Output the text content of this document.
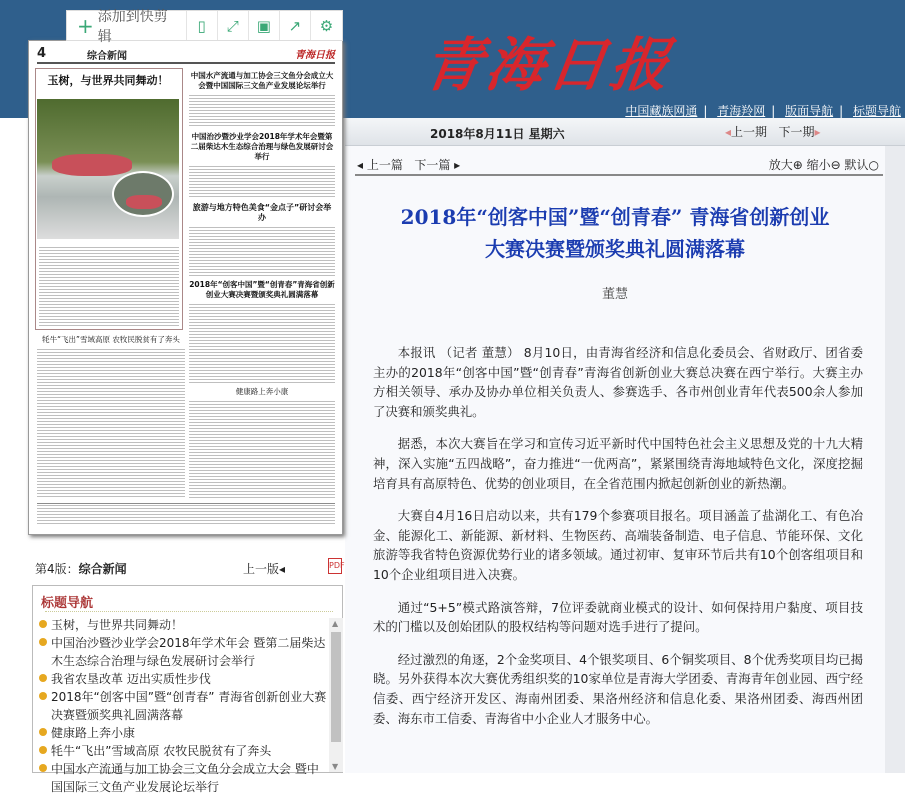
青海日报
中国藏族网通 | 青海羚网 | 版面导航 | 标题导航
2018年8月11日 星期六	◂上一期 下一期▸
◂ 上一篇 下一篇 ▸	放大⊕ 缩小⊖ 默认○
2018年“创客中国”暨“创青春” 青海省创新创业
大赛决赛暨颁奖典礼圆满落幕
董慧

本报讯 （记者 董慧） 8月10日，由青海省经济和信息化委员会、省财政厅、团省委主办的2018年“创客中国”暨“创青春”青海省创新创业大赛总决赛在西宁举行。大赛主办方相关领导、承办及协办单位相关负责人、参赛选手、各市州创业青年代表500余人参加了决赛和颁奖典礼。

据悉，本次大赛旨在学习和宣传习近平新时代中国特色社会主义思想及党的十九大精神，深入实施“五四战略”，奋力推进“一优两高”，紧紧围绕青海地域特色文化，深度挖掘培育具有高原特色、优势的创业项目，在全省范围内掀起创新创业的新热潮。

大赛自4月16日启动以来，共有179个参赛项目报名。项目涵盖了盐湖化工、有色冶金、能源化工、新能源、新材料、生物医药、高端装备制造、电子信息、节能环保、文化旅游等我省特色资源优势行业的诸多领域。通过初审、复审环节后共有10个创客组项目和10个企业组项目进入决赛。

通过“5+5”模式路演答辩，7位评委就商业模式的设计、如何保持用户黏度、项目技术的门槛以及创始团队的股权结构等问题对选手进行了提问。

经过激烈的角逐，2个金奖项目、4个银奖项目、6个铜奖项目、8个优秀奖项目均已揭晓。另外获得本次大赛优秀组织奖的10家单位是青海大学团委、青海青年创业园、西宁经信委、西宁经济开发区、海南州团委、果洛州经济和信息化委、果洛州团委、海西州团委、海东市工信委、青海省中小企业人才服务中心。

+ 添加到快剪辑
▯	⤢	▣	↗	⚙
4	综合新闻	青海日报
玉树，与世界共同舞动！	中国水产流通与加工协会三文鱼分会成立大会暨中国国际三文鱼产业发展论坛举行
中国治沙暨沙业学会2018年学术年会暨第二届柴达木生态综合治理与绿色发展研讨会举行
旅游与地方特色美食“金点子”研讨会举办
2018年“创客中国”暨“创青春”青海省创新创业大赛决赛暨颁奖典礼圆满落幕
健康路上奔小康
牦牛“飞出”雪域高原 农牧民脱贫有了奔头
第4版：综合新闻	上一版◂	PDF
标题导航
玉树，与世界共同舞动！
中国治沙暨沙业学会2018年学术年会 暨第二届柴达木生态综合治理与绿色发展研讨会举行
我省农垦改革 迈出实质性步伐
2018年“创客中国”暨“创青春” 青海省创新创业大赛决赛暨颁奖典礼圆满落幕
健康路上奔小康
牦牛“飞出”雪域高原 农牧民脱贫有了奔头
中国水产流通与加工协会三文鱼分会成立大会 暨中国国际三文鱼产业发展论坛举行
▲
▼
